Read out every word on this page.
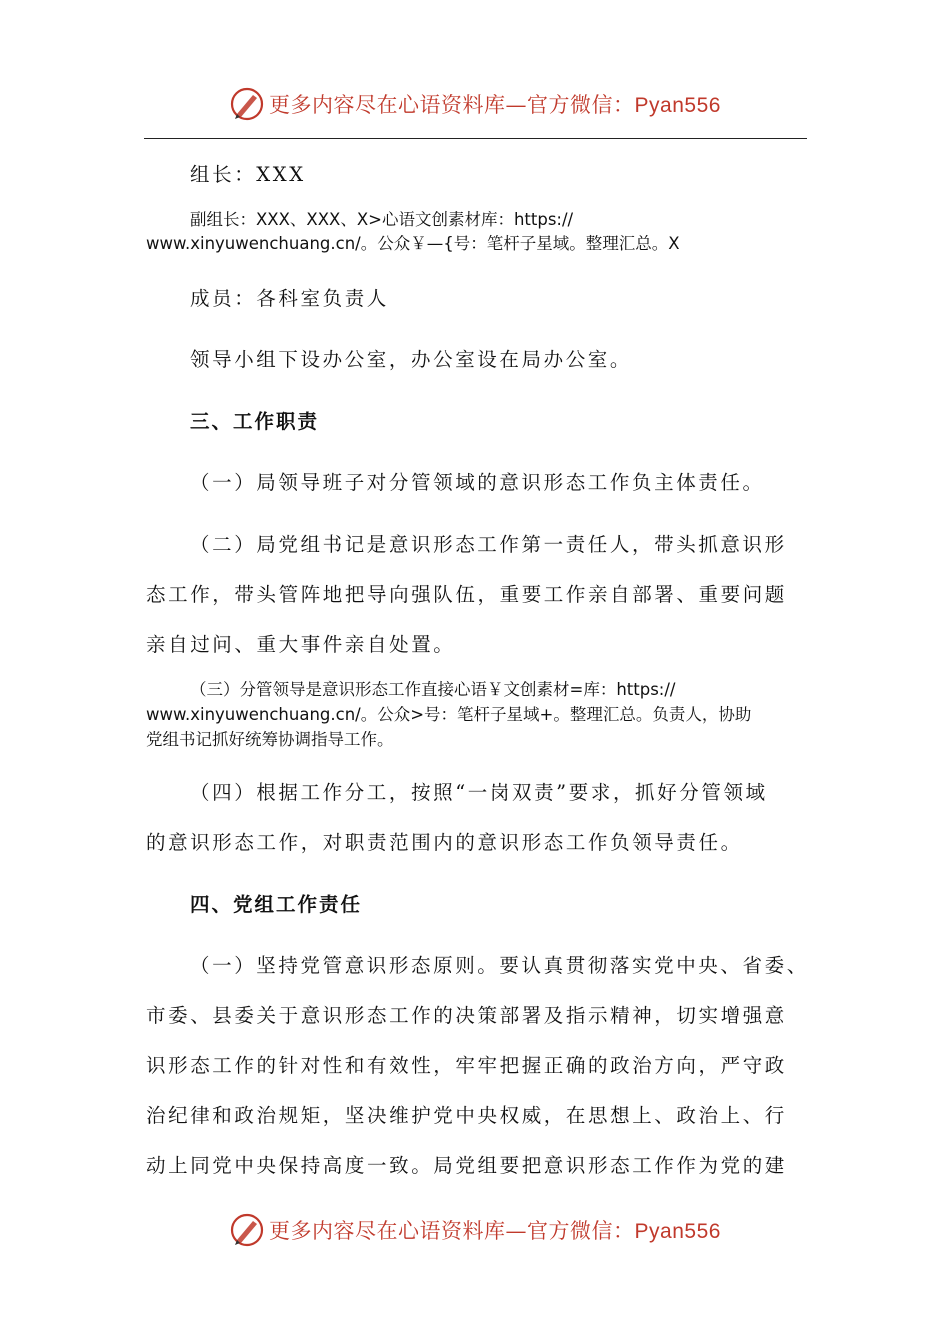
更多内容尽在心语资料库—官方微信：Pyan556
组长：XXX
副组长：XXX、XXX、X>心语文创素材库：https://
www.xinyuwenchuang.cn/。公众￥—{号：笔杆子星域。整理汇总。X
成员：各科室负责人
领导小组下设办公室，办公室设在局办公室。
三、工作职责
（一）局领导班子对分管领域的意识形态工作负主体责任。
（二）局党组书记是意识形态工作第一责任人，带头抓意识形
态工作，带头管阵地把导向强队伍，重要工作亲自部署、重要问题
亲自过问、重大事件亲自处置。
（三）分管领导是意识形态工作直接心语￥文创素材=库：https://
www.xinyuwenchuang.cn/。公众>号：笔杆子星域+。整理汇总。负责人，协助
党组书记抓好统筹协调指导工作。
（四）根据工作分工，按照“一岗双责”要求，抓好分管领域
的意识形态工作，对职责范围内的意识形态工作负领导责任。
四、党组工作责任
（一）坚持党管意识形态原则。要认真贯彻落实党中央、省委、
市委、县委关于意识形态工作的决策部署及指示精神，切实增强意
识形态工作的针对性和有效性，牢牢把握正确的政治方向，严守政
治纪律和政治规矩，坚决维护党中央权威，在思想上、政治上、行
动上同党中央保持高度一致。局党组要把意识形态工作作为党的建
更多内容尽在心语资料库—官方微信：Pyan556
